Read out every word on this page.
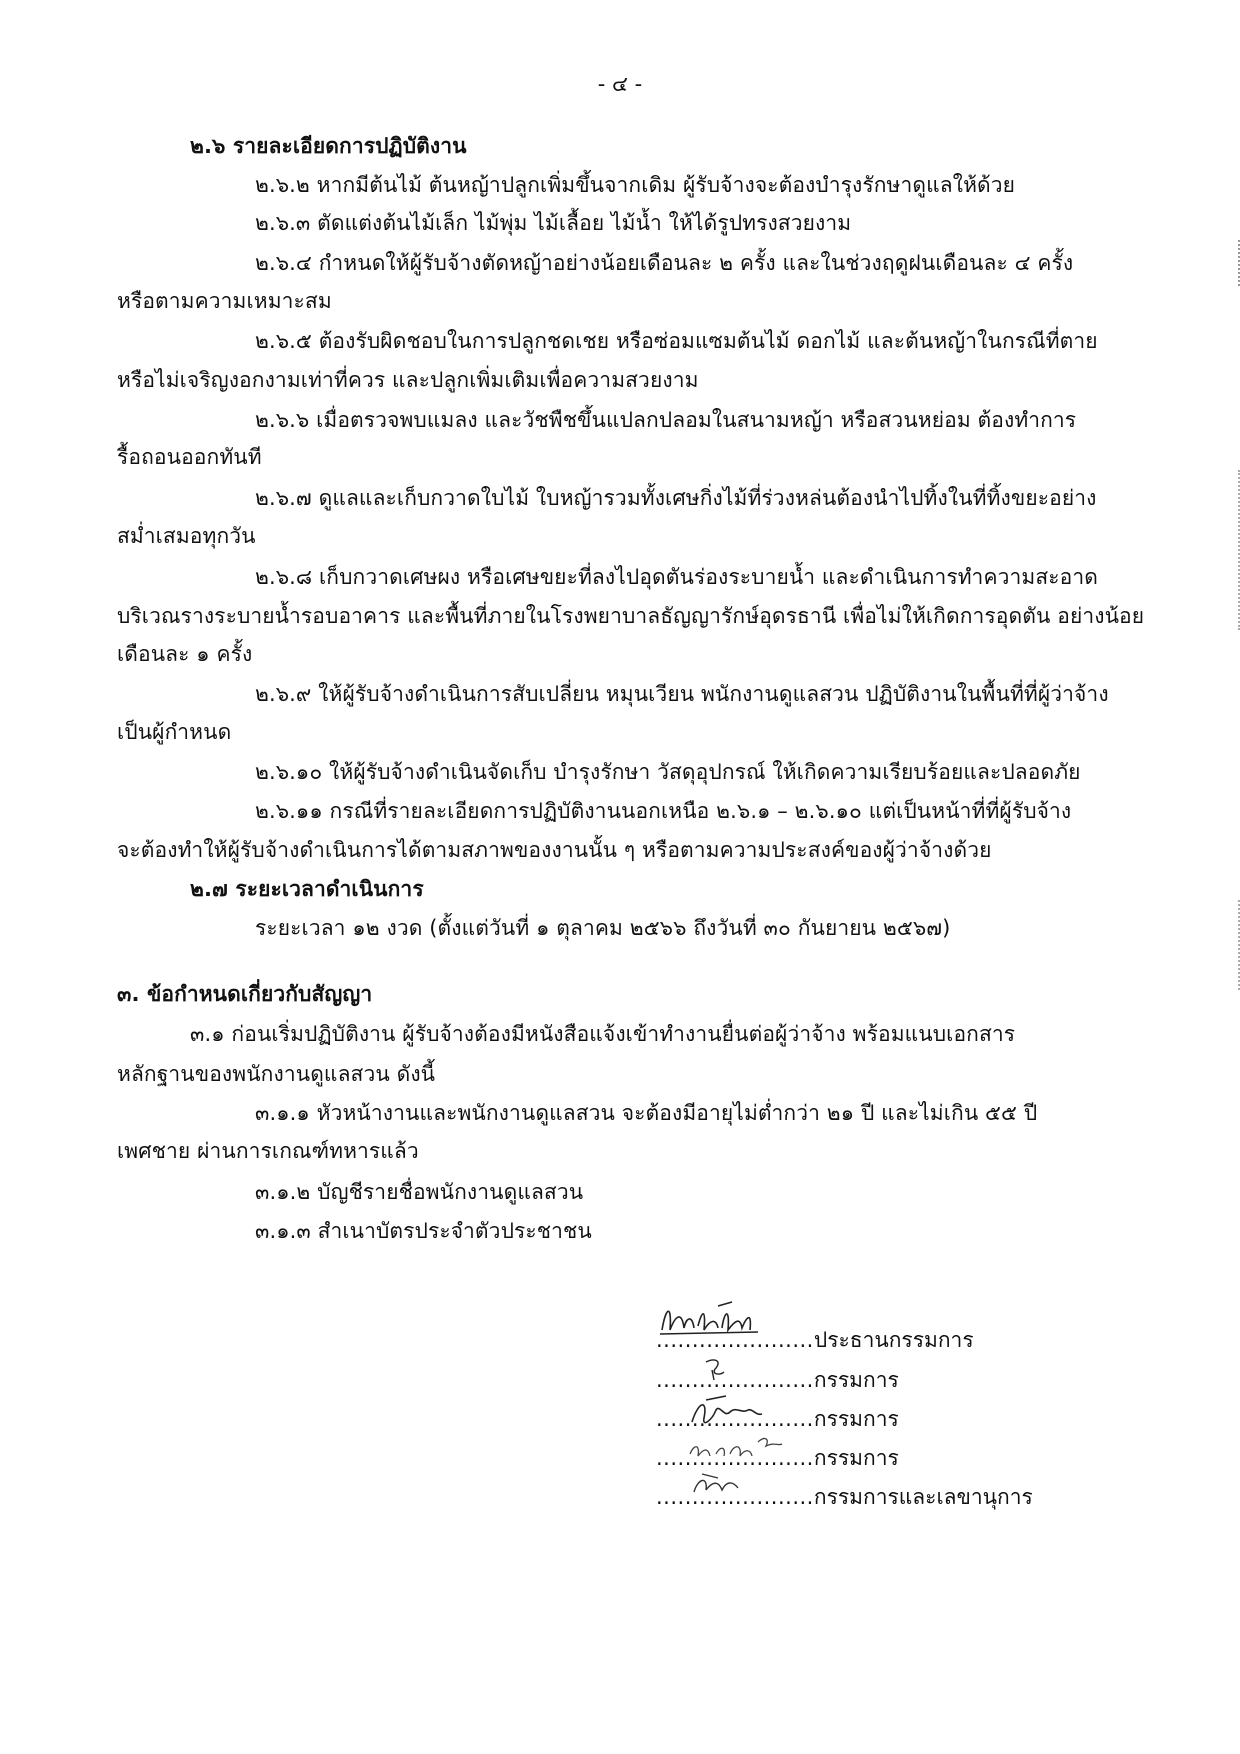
- ๔ -
๒.๖ รายละเอียดการปฏิบัติงาน
๒.๖.๒ หากมีต้นไม้ ต้นหญ้าปลูกเพิ่มขึ้นจากเดิม ผู้รับจ้างจะต้องบำรุงรักษาดูแลให้ด้วย
๒.๖.๓ ตัดแต่งต้นไม้เล็ก ไม้พุ่ม ไม้เลื้อย ไม้น้ำ ให้ได้รูปทรงสวยงาม
๒.๖.๔ กำหนดให้ผู้รับจ้างตัดหญ้าอย่างน้อยเดือนละ ๒ ครั้ง และในช่วงฤดูฝนเดือนละ ๔ ครั้ง
หรือตามความเหมาะสม
๒.๖.๕ ต้องรับผิดชอบในการปลูกชดเชย หรือซ่อมแซมต้นไม้ ดอกไม้ และต้นหญ้าในกรณีที่ตาย
หรือไม่เจริญงอกงามเท่าที่ควร และปลูกเพิ่มเติมเพื่อความสวยงาม
๒.๖.๖ เมื่อตรวจพบแมลง และวัชพืชขึ้นแปลกปลอมในสนามหญ้า หรือสวนหย่อม ต้องทำการ
รื้อถอนออกทันที
๒.๖.๗ ดูแลและเก็บกวาดใบไม้ ใบหญ้ารวมทั้งเศษกิ่งไม้ที่ร่วงหล่นต้องนำไปทิ้งในที่ทิ้งขยะอย่าง
สม่ำเสมอทุกวัน
๒.๖.๘ เก็บกวาดเศษผง หรือเศษขยะที่ลงไปอุดตันร่องระบายน้ำ และดำเนินการทำความสะอาด
บริเวณรางระบายน้ำรอบอาคาร และพื้นที่ภายในโรงพยาบาลธัญญารักษ์อุดรธานี เพื่อไม่ให้เกิดการอุดตัน อย่างน้อย
เดือนละ ๑ ครั้ง
๒.๖.๙ ให้ผู้รับจ้างดำเนินการสับเปลี่ยน หมุนเวียน พนักงานดูแลสวน ปฏิบัติงานในพื้นที่ที่ผู้ว่าจ้าง
เป็นผู้กำหนด
๒.๖.๑๐ ให้ผู้รับจ้างดำเนินจัดเก็บ บำรุงรักษา วัสดุอุปกรณ์ ให้เกิดความเรียบร้อยและปลอดภัย
๒.๖.๑๑ กรณีที่รายละเอียดการปฏิบัติงานนอกเหนือ ๒.๖.๑ – ๒.๖.๑๐ แต่เป็นหน้าที่ที่ผู้รับจ้าง
จะต้องทำให้ผู้รับจ้างดำเนินการได้ตามสภาพของงานนั้น ๆ หรือตามความประสงค์ของผู้ว่าจ้างด้วย
๒.๗ ระยะเวลาดำเนินการ
ระยะเวลา ๑๒ งวด (ตั้งแต่วันที่ ๑ ตุลาคม ๒๕๖๖ ถึงวันที่ ๓๐ กันยายน ๒๕๖๗)
๓. ข้อกำหนดเกี่ยวกับสัญญา
๓.๑ ก่อนเริ่มปฏิบัติงาน ผู้รับจ้างต้องมีหนังสือแจ้งเข้าทำงานยื่นต่อผู้ว่าจ้าง พร้อมแนบเอกสาร
หลักฐานของพนักงานดูแลสวน ดังนี้
๓.๑.๑ หัวหน้างานและพนักงานดูแลสวน จะต้องมีอายุไม่ต่ำกว่า ๒๑ ปี และไม่เกิน ๕๕ ปี
เพศชาย ผ่านการเกณฑ์ทหารแล้ว
๓.๑.๒ บัญชีรายชื่อพนักงานดูแลสวน
๓.๑.๓ สำเนาบัตรประจำตัวประชาชน
......................ประธานกรรมการ
......................กรรมการ
......................กรรมการ
......................กรรมการ
......................กรรมการและเลขานุการ
